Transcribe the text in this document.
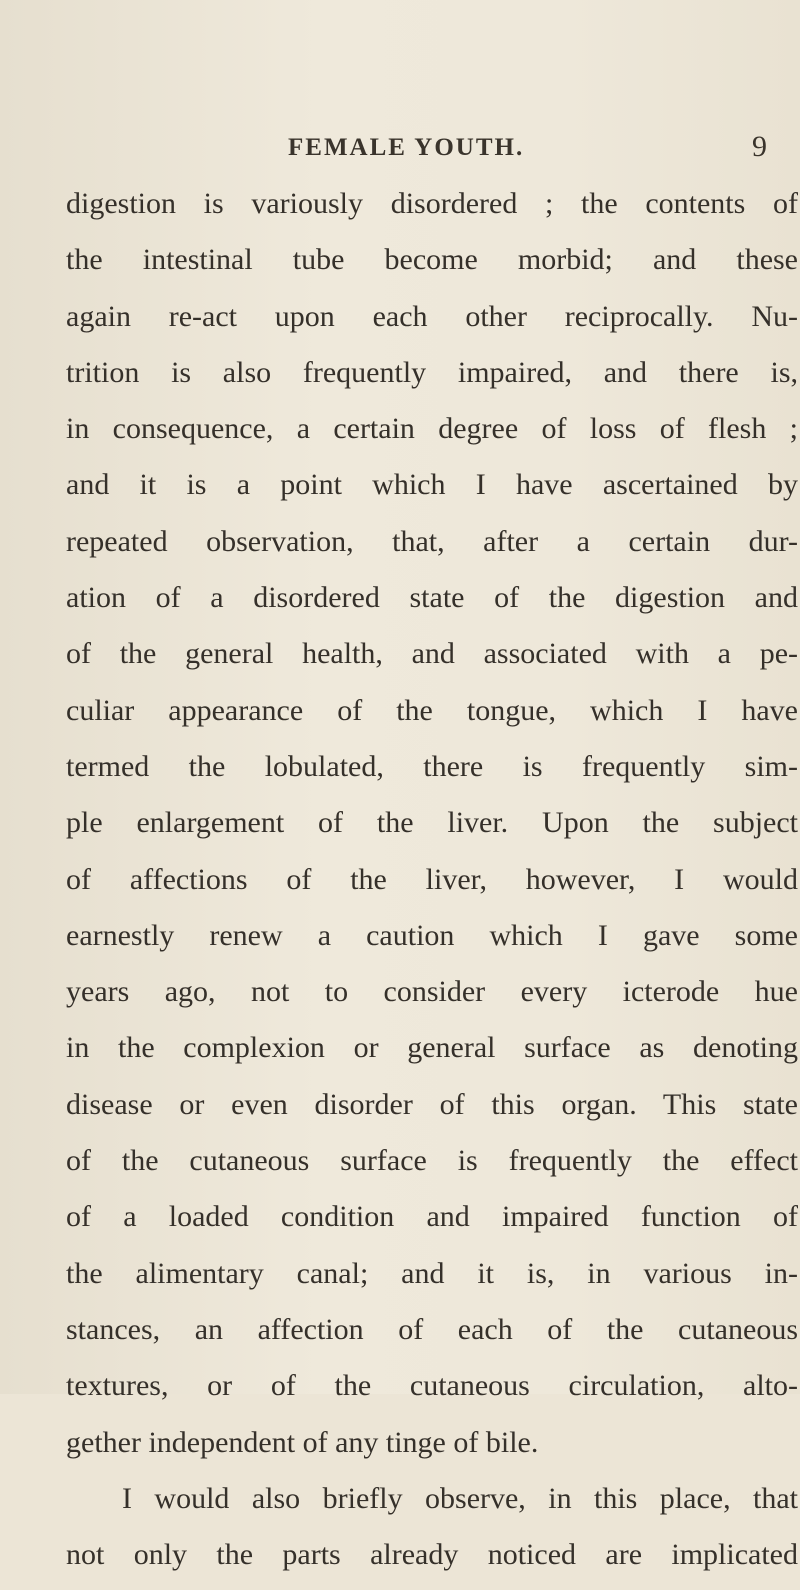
FEMALE YOUTH.	9
digestion is variously disordered ; the contents of
the intestinal tube become morbid; and these
again re-act upon each other reciprocally. Nu-
trition is also frequently impaired, and there is,
in consequence, a certain degree of loss of flesh ;
and it is a point which I have ascertained by
repeated observation, that, after a certain dur-
ation of a disordered state of the digestion and
of the general health, and associated with a pe-
culiar appearance of the tongue, which I have
termed the lobulated, there is frequently sim-
ple enlargement of the liver. Upon the subject
of affections of the liver, however, I would
earnestly renew a caution which I gave some
years ago, not to consider every icterode hue
in the complexion or general surface as denoting
disease or even disorder of this organ. This state
of the cutaneous surface is frequently the effect
of a loaded condition and impaired function of
the alimentary canal; and it is, in various in-
stances, an affection of each of the cutaneous
textures, or of the cutaneous circulation, alto-
gether independent of any tinge of bile.
I would also briefly observe, in this place, that
not only the parts already noticed are implicated
